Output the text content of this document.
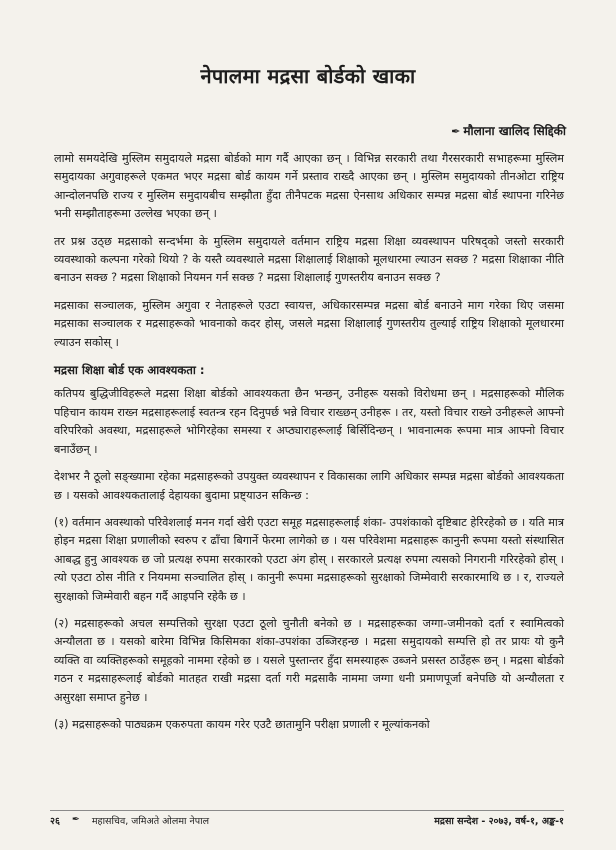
नेपालमा मद्रसा बोर्डको खाका
✒ मौलाना खालिद सिद्दिकी

लामो समयदेखि मुस्लिम समुदायले मद्रसा बोर्डको माग गर्दै आएका छन् । विभिन्न सरकारी तथा गैरसरकारी सभाहरूमा मुस्लिम समुदायका अगुवाहरूले एकमत भएर मद्रसा बोर्ड कायम गर्ने प्रस्ताव राख्दै आएका छन् । मुस्लिम समुदायको तीनओटा राष्ट्रिय आन्दोलनपछि राज्य र मुस्लिम समुदायबीच सम्झौता हुँदा तीनैपटक मद्रसा ऐनसाथ अधिकार सम्पन्न मद्रसा बोर्ड स्थापना गरिनेछ भनी सम्झौताहरूमा उल्लेख भएका छन् ।

तर प्रश्न उठ्छ मद्रसाको सन्दर्भमा के मुस्लिम समुदायले वर्तमान राष्ट्रिय मद्रसा शिक्षा व्यवस्थापन परिषद्को जस्तो सरकारी व्यवस्थाको कल्पना गरेको थियो ? के यस्तै व्यवस्थाले मद्रसा शिक्षालाई शिक्षाको मूलधारमा ल्याउन सक्छ ? मद्रसा शिक्षाका नीति बनाउन सक्छ ? मद्रसा शिक्षाको नियमन गर्न सक्छ ? मद्रसा शिक्षालाई गुणस्तरीय बनाउन सक्छ ?

मद्रसाका सञ्चालक, मुस्लिम अगुवा र नेताहरूले एउटा स्वायत्त, अधिकारसम्पन्न मद्रसा बोर्ड बनाउने माग गरेका थिए जसमा मद्रसाका सञ्चालक र मद्रसाहरूको भावनाको कदर होस्, जसले मद्रसा शिक्षालाई गुणस्तरीय तुल्याई राष्ट्रिय शिक्षाको मूलधारमा ल्याउन सकोस् ।

मद्रसा शिक्षा बोर्ड एक आवश्यकता :

कतिपय बुद्धिजीविहरूले मद्रसा शिक्षा बोर्डको आवश्यकता छैन भन्छन्, उनीहरू यसको विरोधमा छन् । मद्रसाहरूको मौलिक पहिचान कायम राख्न मद्रसाहरूलाई स्वतन्त्र रहन दिनुपर्छ भन्ने विचार राख्छन् उनीहरू । तर, यस्तो विचार राख्ने उनीहरूले आफ्नो वरिपरिको अवस्था, मद्रसाहरूले भोगिरहेका समस्या र अप्ठ्याराहरूलाई बिर्सिदिन्छन् । भावनात्मक रूपमा मात्र आफ्नो विचार बनाउँछन् ।

देशभर नै ठूलो सङ्ख्यामा रहेका मद्रसाहरूको उपयुक्त व्यवस्थापन र विकासका लागि अधिकार सम्पन्न मद्रसा बोर्डको आवश्यकता छ । यसको आवश्यकतालाई देहायका बुदामा प्रष्ट्याउन सकिन्छ :

(१) वर्तमान अवस्थाको परिवेशलाई मनन गर्दा खेरी एउटा समूह मद्रसाहरूलाई शंका- उपशंकाको दृष्टिबाट हेरिरहेको छ । यति मात्र होइन मद्रसा शिक्षा प्रणालीको स्वरुप र ढाँचा बिगार्ने फेरमा लागेको छ । यस परिवेशमा मद्रसाहरू कानुनी रूपमा यस्तो संस्थासित आबद्ध हुनु आवश्यक छ जो प्रत्यक्ष रुपमा सरकारको एउटा अंग होस् । सरकारले प्रत्यक्ष रुपमा त्यसको निगरानी गरिरहेको होस् । त्यो एउटा ठोस नीति र नियममा सञ्चालित होस् । कानुनी रूपमा मद्रसाहरूको सुरक्षाको जिम्मेवारी सरकारमाथि छ । र, राज्यले सुरक्षाको जिम्मेवारी बहन गर्दै आइपनि रहेकै छ ।

(२) मद्रसाहरूको अचल सम्पत्तिको सुरक्षा एउटा ठूलो चुनौती बनेको छ । मद्रसाहरूका जग्गा-जमीनको दर्ता र स्वामित्वको अन्यौलता छ । यसको बारेमा विभिन्न किसिमका शंका-उपशंका उब्जिरहन्छ । मद्रसा समुदायको सम्पत्ति हो तर प्रायः यो कुनै व्यक्ति वा व्यक्तिहरूको समूहको नाममा रहेको छ । यसले पुस्तान्तर हुँदा समस्याहरू उब्जने प्रसस्त ठाउँहरू छन् । मद्रसा बोर्डको गठन र मद्रसाहरूलाई बोर्डको मातहत राखी मद्रसा दर्ता गरी मद्रसाकै नाममा जग्गा धनी प्रमाणपूर्जा बनेपछि यो अन्यौलता र असुरक्षा समाप्त हुनेछ ।

(३) मद्रसाहरूको पाठ्यक्रम एकरुपता कायम गरेर एउटै छातामुनि परीक्षा प्रणाली र मूल्यांकनको

२६ ✒ महासचिव, जमिअते ओलमा नेपाल	मद्रसा सन्देश - २०७३, वर्ष-१, अङ्क-१
